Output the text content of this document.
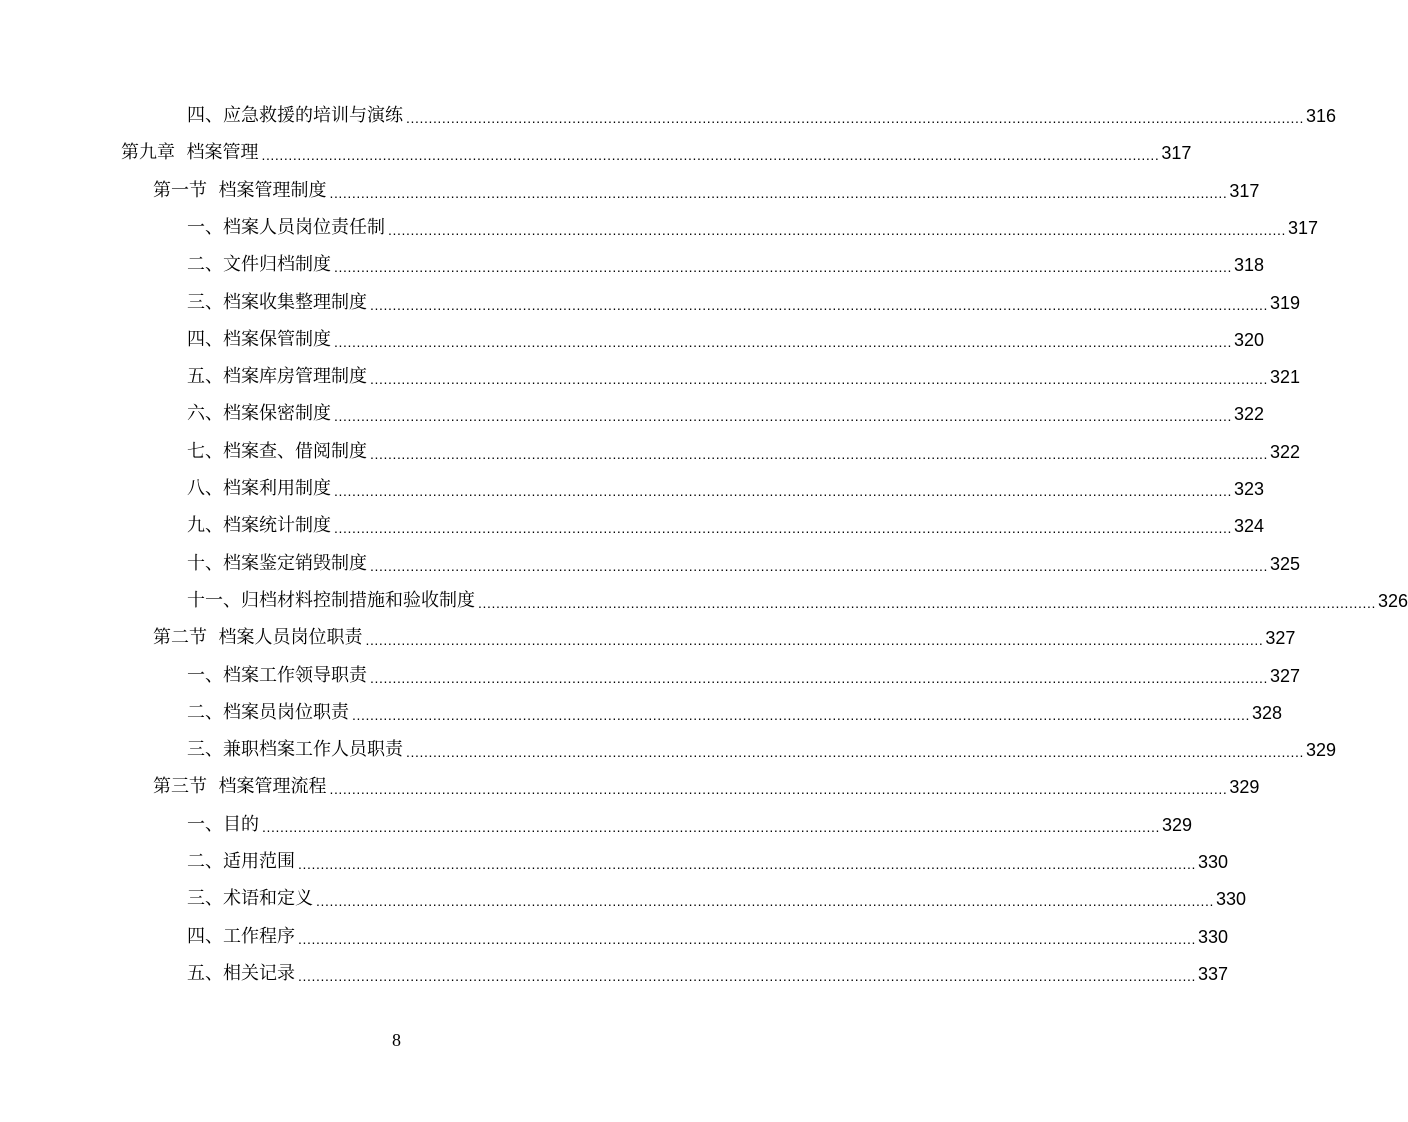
四、应急救援的培训与演练 ........................................................................................................................................................................................................ 316
第九章  档案管理 ........................................................................................................................................................................................................ 317
第一节  档案管理制度 ........................................................................................................................................................................................................ 317
一、档案人员岗位责任制 ........................................................................................................................................................................................................ 317
二、文件归档制度 ........................................................................................................................................................................................................ 318
三、档案收集整理制度 ........................................................................................................................................................................................................ 319
四、档案保管制度 ........................................................................................................................................................................................................ 320
五、档案库房管理制度 ........................................................................................................................................................................................................ 321
六、档案保密制度 ........................................................................................................................................................................................................ 322
七、档案查、借阅制度 ........................................................................................................................................................................................................ 322
八、档案利用制度 ........................................................................................................................................................................................................ 323
九、档案统计制度 ........................................................................................................................................................................................................ 324
十、档案鉴定销毁制度 ........................................................................................................................................................................................................ 325
十一、归档材料控制措施和验收制度 ........................................................................................................................................................................................................ 326
第二节  档案人员岗位职责 ........................................................................................................................................................................................................ 327
一、档案工作领导职责 ........................................................................................................................................................................................................ 327
二、档案员岗位职责 ........................................................................................................................................................................................................ 328
三、兼职档案工作人员职责 ........................................................................................................................................................................................................ 329
第三节  档案管理流程 ........................................................................................................................................................................................................ 329
一、目的 ........................................................................................................................................................................................................ 329
二、适用范围 ........................................................................................................................................................................................................ 330
三、术语和定义 ........................................................................................................................................................................................................ 330
四、工作程序 ........................................................................................................................................................................................................ 330
五、相关记录 ........................................................................................................................................................................................................ 337
8
